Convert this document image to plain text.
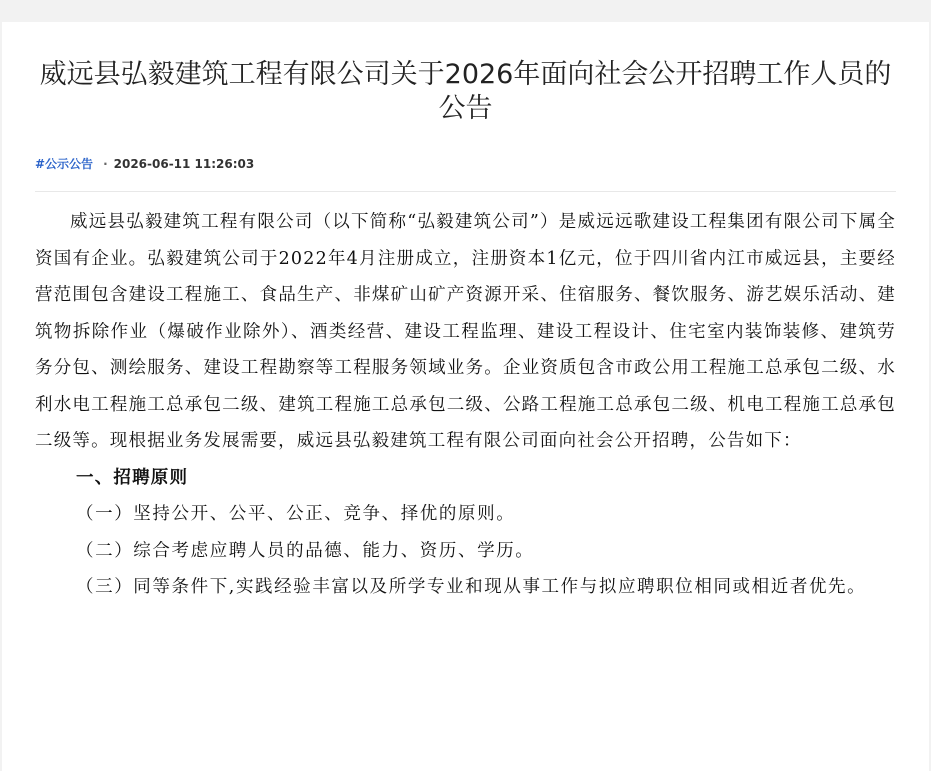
威远县弘毅建筑工程有限公司关于2026年面向社会公开招聘工作人员的公告
#公示公告 · 2026-06-11 11:26:03

威远县弘毅建筑工程有限公司（以下简称“弘毅建筑公司”）是威远远歌建设工程集团有限公司下属全资国有企业。弘毅建筑公司于2022年4月注册成立，注册资本1亿元，位于四川省内江市威远县，主要经营范围包含建设工程施工、食品生产、非煤矿山矿产资源开采、住宿服务、餐饮服务、游艺娱乐活动、建筑物拆除作业（爆破作业除外）、酒类经营、建设工程监理、建设工程设计、住宅室内装饰装修、建筑劳务分包、测绘服务、建设工程勘察等工程服务领域业务。企业资质包含市政公用工程施工总承包二级、水利水电工程施工总承包二级、建筑工程施工总承包二级、公路工程施工总承包二级、机电工程施工总承包二级等。现根据业务发展需要，威远县弘毅建筑工程有限公司面向社会公开招聘，公告如下：

一、招聘原则

（一）坚持公开、公平、公正、竞争、择优的原则。

（二）综合考虑应聘人员的品德、能力、资历、学历。

（三）同等条件下,实践经验丰富以及所学专业和现从事工作与拟应聘职位相同或相近者优先。
